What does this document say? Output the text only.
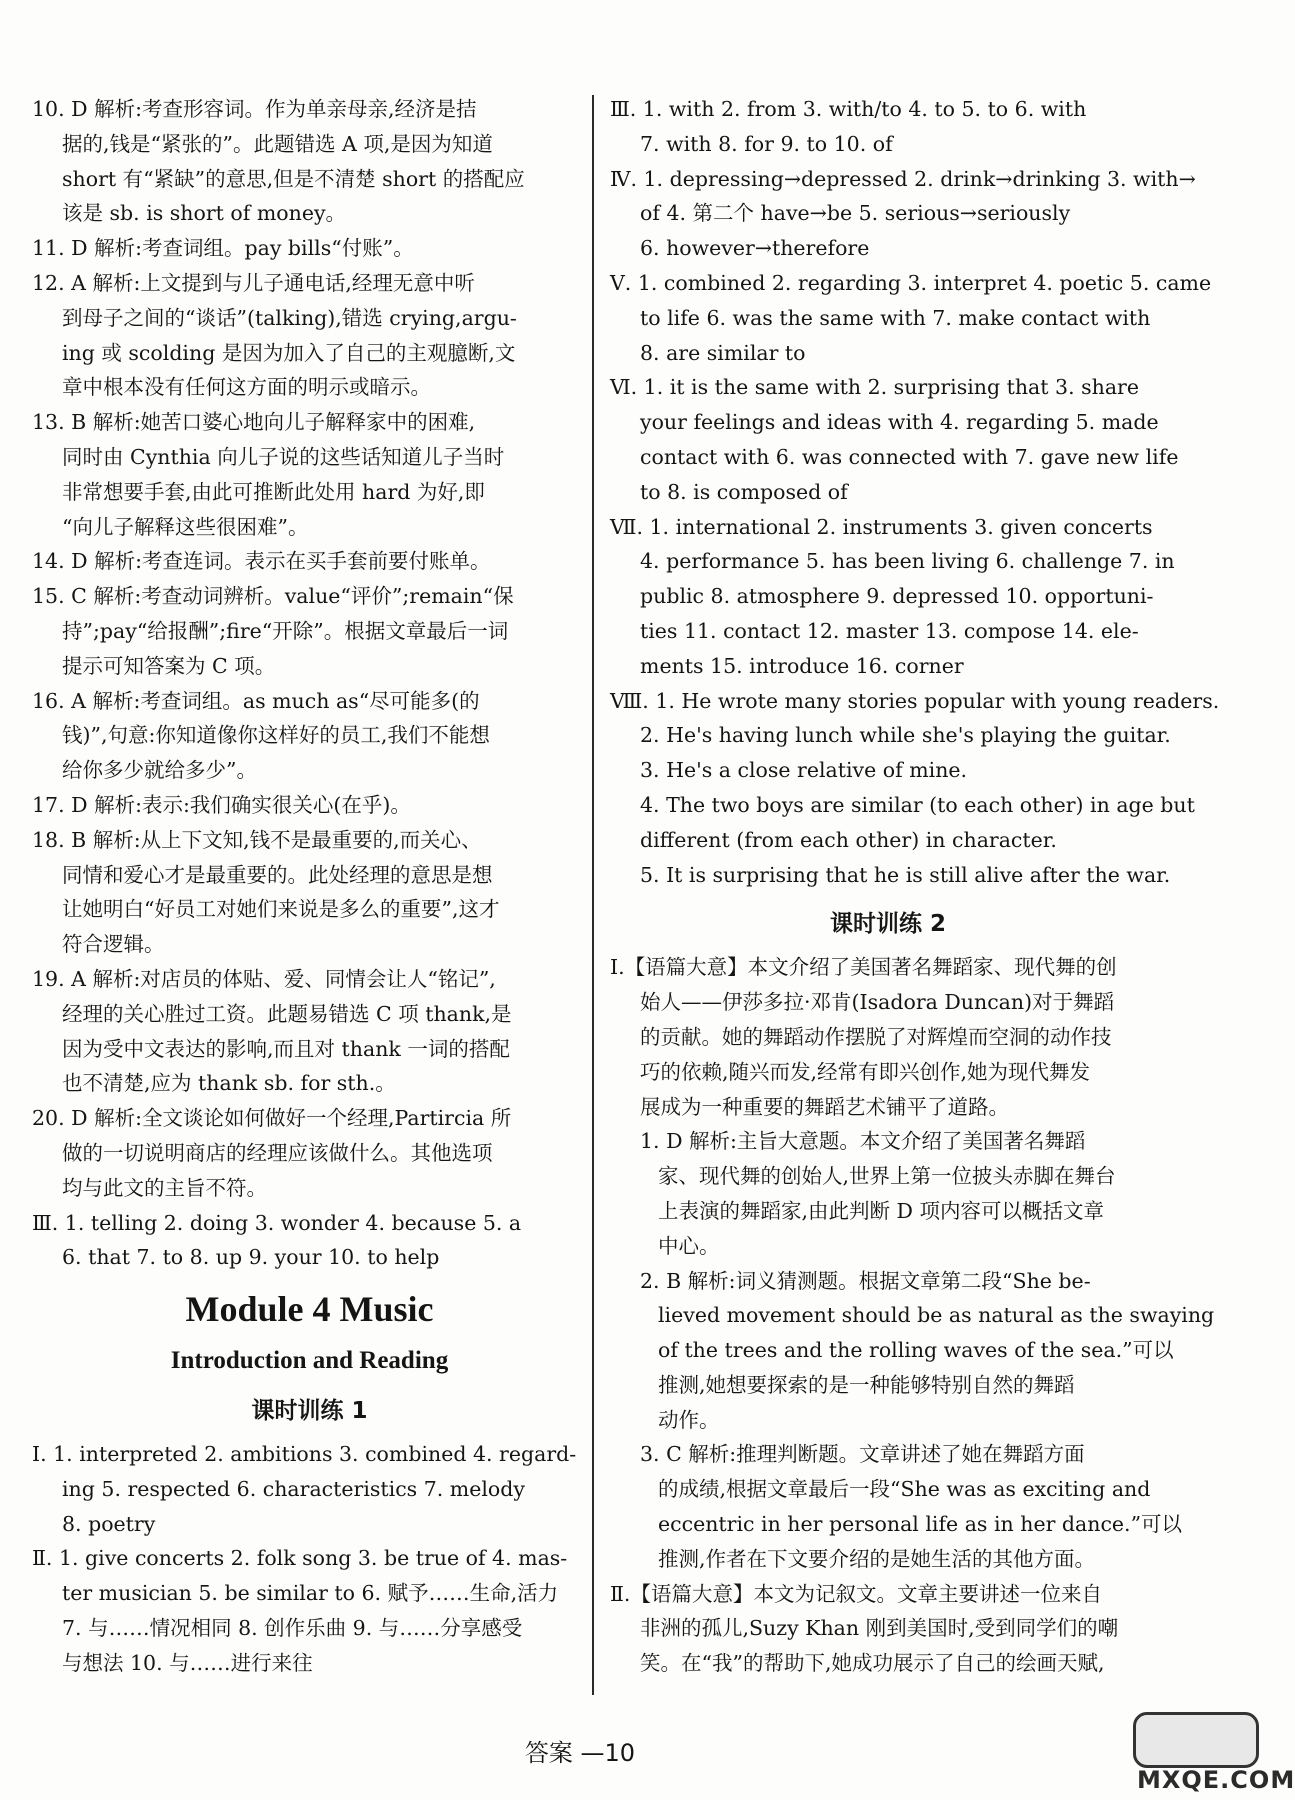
10. D 解析:考查形容词。作为单亲母亲,经济是拮
据的,钱是“紧张的”。此题错选 A 项,是因为知道
short 有“紧缺”的意思,但是不清楚 short 的搭配应
该是 sb. is short of money。
11. D 解析:考查词组。pay bills“付账”。
12. A 解析:上文提到与儿子通电话,经理无意中听
到母子之间的“谈话”(talking),错选 crying,argu-
ing 或 scolding 是因为加入了自己的主观臆断,文
章中根本没有任何这方面的明示或暗示。
13. B 解析:她苦口婆心地向儿子解释家中的困难,
同时由 Cynthia 向儿子说的这些话知道儿子当时
非常想要手套,由此可推断此处用 hard 为好,即
“向儿子解释这些很困难”。
14. D 解析:考查连词。表示在买手套前要付账单。
15. C 解析:考查动词辨析。value“评价”;remain“保
持”;pay“给报酬”;fire“开除”。根据文章最后一词
提示可知答案为 C 项。
16. A 解析:考查词组。as much as“尽可能多(的
钱)”,句意:你知道像你这样好的员工,我们不能想
给你多少就给多少”。
17. D 解析:表示:我们确实很关心(在乎)。
18. B 解析:从上下文知,钱不是最重要的,而关心、
同情和爱心才是最重要的。此处经理的意思是想
让她明白“好员工对她们来说是多么的重要”,这才
符合逻辑。
19. A 解析:对店员的体贴、爱、同情会让人“铭记”,
经理的关心胜过工资。此题易错选 C 项 thank,是
因为受中文表达的影响,而且对 thank 一词的搭配
也不清楚,应为 thank sb. for sth.。
20. D 解析:全文谈论如何做好一个经理,Partircia 所
做的一切说明商店的经理应该做什么。其他选项
均与此文的主旨不符。
Ⅲ. 1. telling 2. doing 3. wonder 4. because 5. a
6. that 7. to 8. up 9. your 10. to help
Module 4 Music
Introduction and Reading
课时训练 1
Ⅰ. 1. interpreted 2. ambitions 3. combined 4. regard-
ing 5. respected 6. characteristics 7. melody
8. poetry
Ⅱ. 1. give concerts 2. folk song 3. be true of 4. mas-
ter musician 5. be similar to 6. 赋予……生命,活力
7. 与……情况相同 8. 创作乐曲 9. 与……分享感受
与想法 10. 与……进行来往
Ⅲ. 1. with 2. from 3. with/to 4. to 5. to 6. with
7. with 8. for 9. to 10. of
Ⅳ. 1. depressing→depressed 2. drink→drinking 3. with→
of 4. 第二个 have→be 5. serious→seriously
6. however→therefore
Ⅴ. 1. combined 2. regarding 3. interpret 4. poetic 5. came
to life 6. was the same with 7. make contact with
8. are similar to
Ⅵ. 1. it is the same with 2. surprising that 3. share
your feelings and ideas with 4. regarding 5. made
contact with 6. was connected with 7. gave new life
to 8. is composed of
Ⅶ. 1. international 2. instruments 3. given concerts
4. performance 5. has been living 6. challenge 7. in
public 8. atmosphere 9. depressed 10. opportuni-
ties 11. contact 12. master 13. compose 14. ele-
ments 15. introduce 16. corner
Ⅷ. 1. He wrote many stories popular with young readers.
2. He's having lunch while she's playing the guitar.
3. He's a close relative of mine.
4. The two boys are similar (to each other) in age but
different (from each other) in character.
5. It is surprising that he is still alive after the war.
课时训练 2
Ⅰ.【语篇大意】本文介绍了美国著名舞蹈家、现代舞的创
始人——伊莎多拉·邓肯(Isadora Duncan)对于舞蹈
的贡献。她的舞蹈动作摆脱了对辉煌而空洞的动作技
巧的依赖,随兴而发,经常有即兴创作,她为现代舞发
展成为一种重要的舞蹈艺术铺平了道路。
1. D 解析:主旨大意题。本文介绍了美国著名舞蹈
家、现代舞的创始人,世界上第一位披头赤脚在舞台
上表演的舞蹈家,由此判断 D 项内容可以概括文章
中心。
2. B 解析:词义猜测题。根据文章第二段“She be-
lieved movement should be as natural as the swaying
of the trees and the rolling waves of the sea.”可以
推测,她想要探索的是一种能够特别自然的舞蹈
动作。
3. C 解析:推理判断题。文章讲述了她在舞蹈方面
的成绩,根据文章最后一段“She was as exciting and
eccentric in her personal life as in her dance.”可以
推测,作者在下文要介绍的是她生活的其他方面。
Ⅱ.【语篇大意】本文为记叙文。文章主要讲述一位来自
非洲的孤儿,Suzy Khan 刚到美国时,受到同学们的嘲
笑。在“我”的帮助下,她成功展示了自己的绘画天赋,
答案 —10
MXQE.COM
